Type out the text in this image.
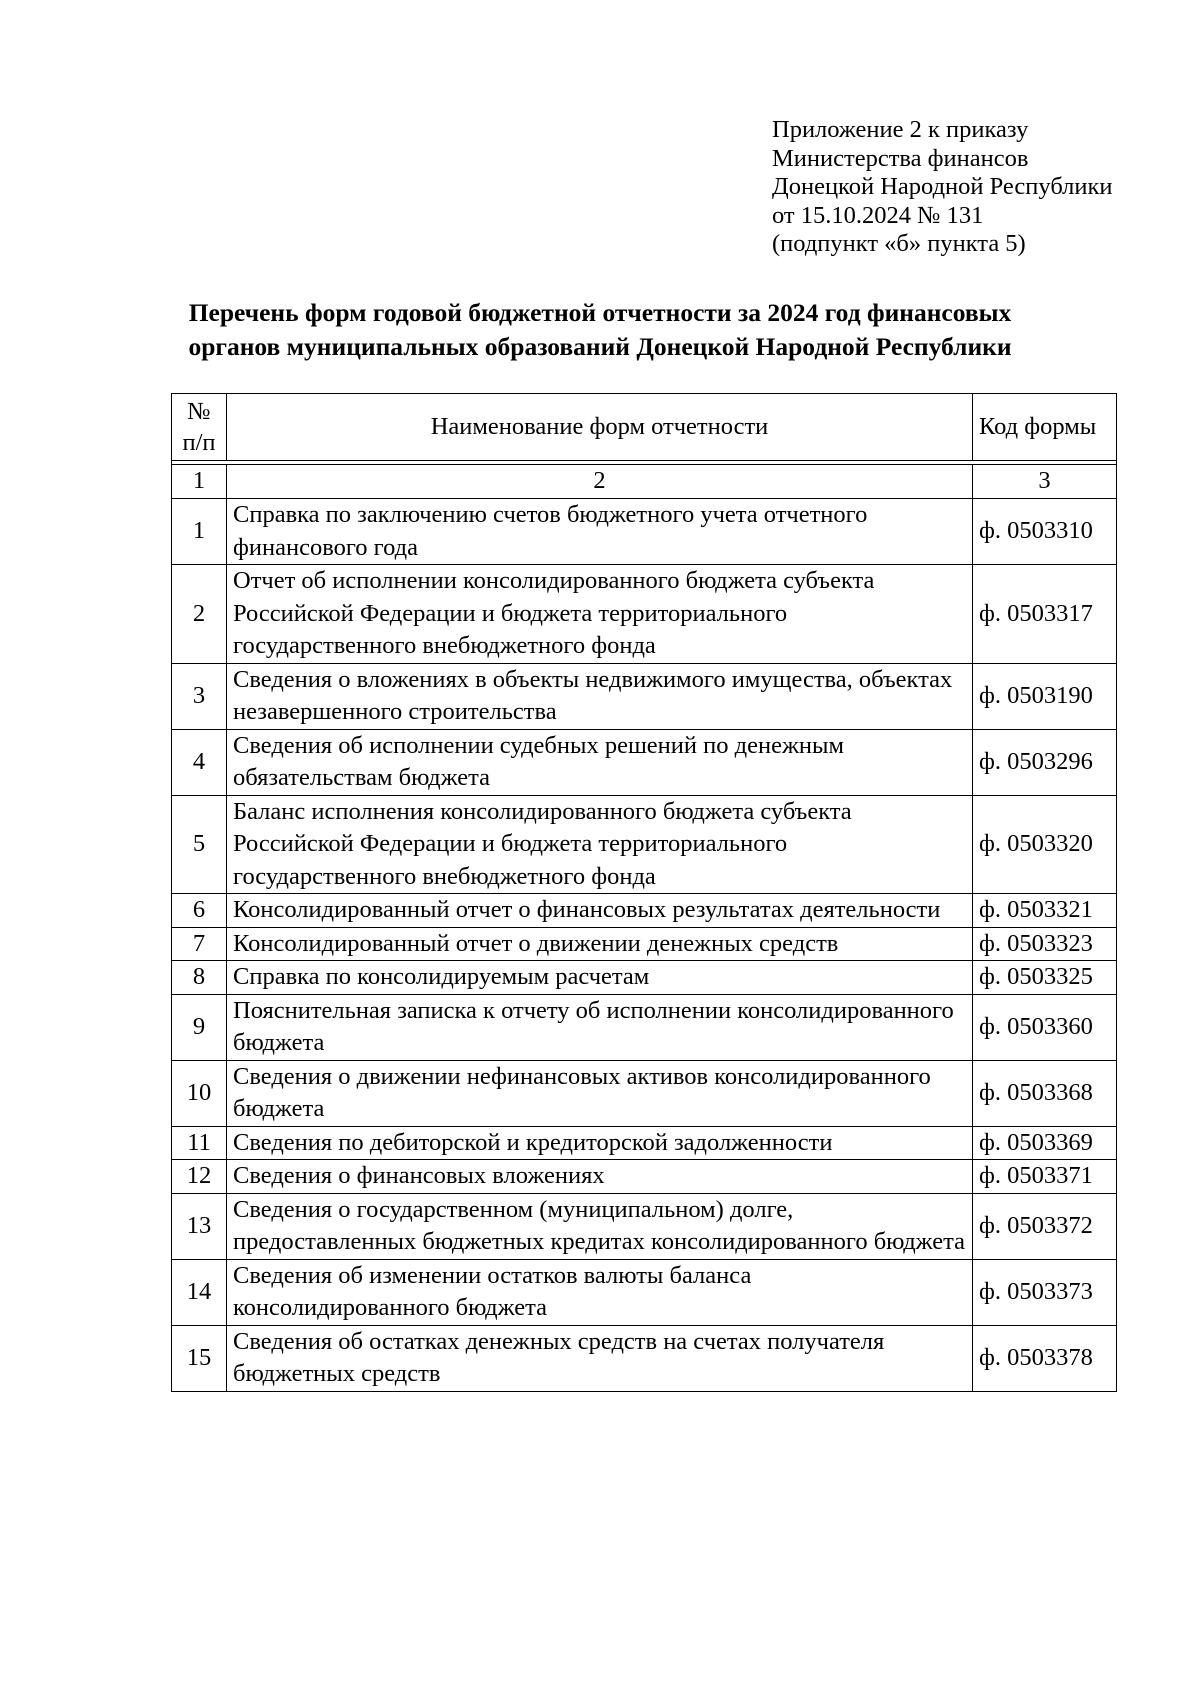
Приложение 2 к приказу
Министерства финансов
Донецкой Народной Республики
от 15.10.2024 № 131
(подпункт «б» пункта 5)
Перечень форм годовой бюджетной отчетности за 2024 год финансовых
органов муниципальных образований Донецкой Народной Республики
№
п/п	Наименование форм отчетности	Код формы

1	2	3
1	Справка по заключению счетов бюджетного учета отчетного финансового года	ф. 0503310
2	Отчет об исполнении консолидированного бюджета субъекта Российской Федерации и бюджета территориального государственного внебюджетного фонда	ф. 0503317
3	Сведения о вложениях в объекты недвижимого имущества, объектах незавершенного строительства	ф. 0503190
4	Сведения об исполнении судебных решений по денежным обязательствам бюджета	ф. 0503296
5	Баланс исполнения консолидированного бюджета субъекта Российской Федерации и бюджета территориального государственного внебюджетного фонда	ф. 0503320
6	Консолидированный отчет о финансовых результатах деятельности	ф. 0503321
7	Консолидированный отчет о движении денежных средств	ф. 0503323
8	Справка по консолидируемым расчетам	ф. 0503325
9	Пояснительная записка к отчету об исполнении консолидированного бюджета	ф. 0503360
10	Сведения о движении нефинансовых активов консолидированного бюджета	ф. 0503368
11	Сведения по дебиторской и кредиторской задолженности	ф. 0503369
12	Сведения о финансовых вложениях	ф. 0503371
13	Сведения о государственном (муниципальном) долге, предоставленных бюджетных кредитах консолидированного бюджета	ф. 0503372
14	Сведения об изменении остатков валюты баланса консолидированного бюджета	ф. 0503373
15	Сведения об остатках денежных средств на счетах получателя бюджетных средств	ф. 0503378
